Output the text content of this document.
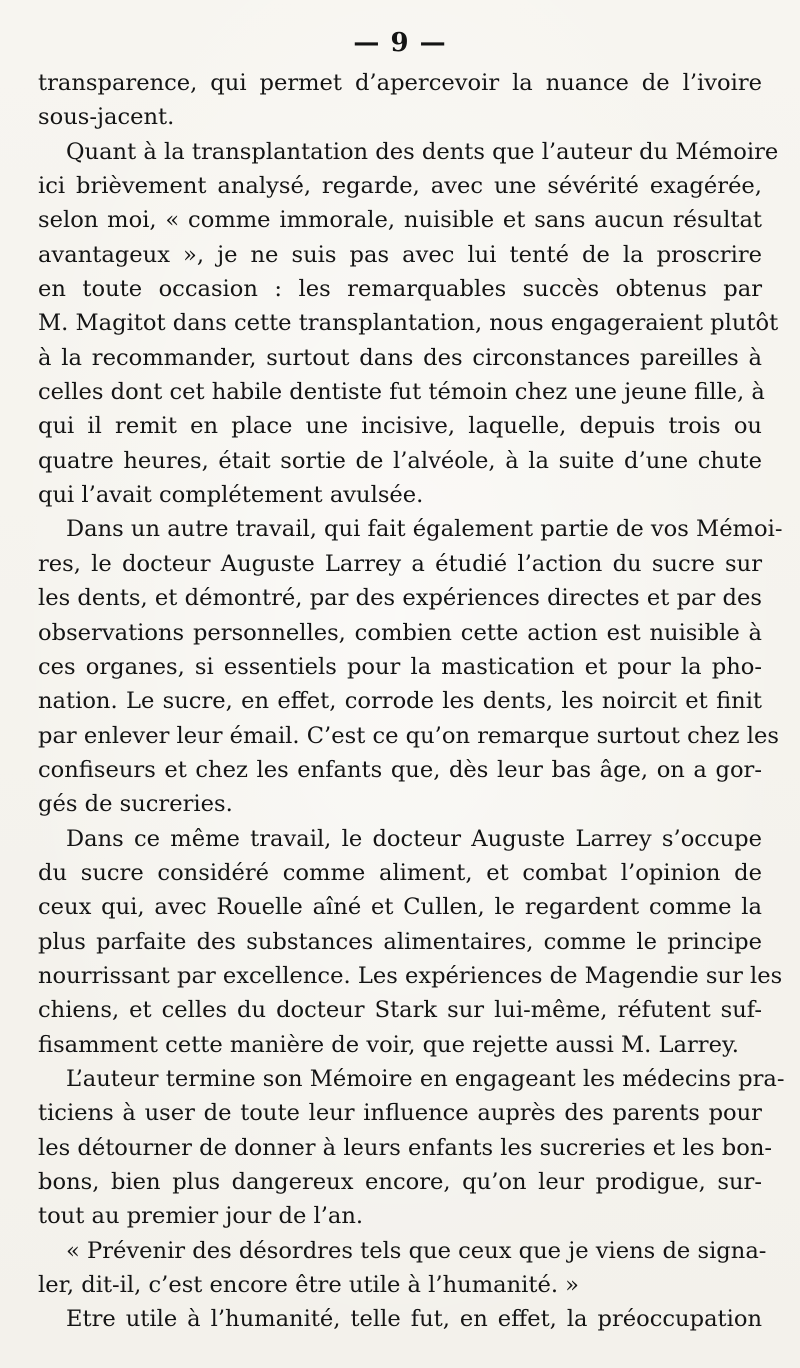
— 9 —
transparence, qui permet d’apercevoir la nuance de l’ivoire
sous-jacent.
Quant à la transplantation des dents que l’auteur du Mémoire
ici brièvement analysé, regarde, avec une sévérité exagérée,
selon moi, « comme immorale, nuisible et sans aucun résultat
avantageux », je ne suis pas avec lui tenté de la proscrire
en toute occasion : les remarquables succès obtenus par
M. Magitot dans cette transplantation, nous engageraient plutôt
à la recommander, surtout dans des circonstances pareilles à
celles dont cet habile dentiste fut témoin chez une jeune fille, à
qui il remit en place une incisive, laquelle, depuis trois ou
quatre heures, était sortie de l’alvéole, à la suite d’une chute
qui l’avait complétement avulsée.
Dans un autre travail, qui fait également partie de vos Mémoi-
res, le docteur Auguste Larrey a étudié l’action du sucre sur
les dents, et démontré, par des expériences directes et par des
observations personnelles, combien cette action est nuisible à
ces organes, si essentiels pour la mastication et pour la pho-
nation. Le sucre, en effet, corrode les dents, les noircit et finit
par enlever leur émail. C’est ce qu’on remarque surtout chez les
confiseurs et chez les enfants que, dès leur bas âge, on a gor-
gés de sucreries.
Dans ce même travail, le docteur Auguste Larrey s’occupe
du sucre considéré comme aliment, et combat l’opinion de
ceux qui, avec Rouelle aîné et Cullen, le regardent comme la
plus parfaite des substances alimentaires, comme le principe
nourrissant par excellence. Les expériences de Magendie sur les
chiens, et celles du docteur Stark sur lui-même, réfutent suf-
fisamment cette manière de voir, que rejette aussi M. Larrey.
L’auteur termine son Mémoire en engageant les médecins pra-
ticiens à user de toute leur influence auprès des parents pour
les détourner de donner à leurs enfants les sucreries et les bon-
bons, bien plus dangereux encore, qu’on leur prodigue, sur-
tout au premier jour de l’an.
« Prévenir des désordres tels que ceux que je viens de signa-
ler, dit-il, c’est encore être utile à l’humanité. »
Etre utile à l’humanité, telle fut, en effet, la préoccupation
